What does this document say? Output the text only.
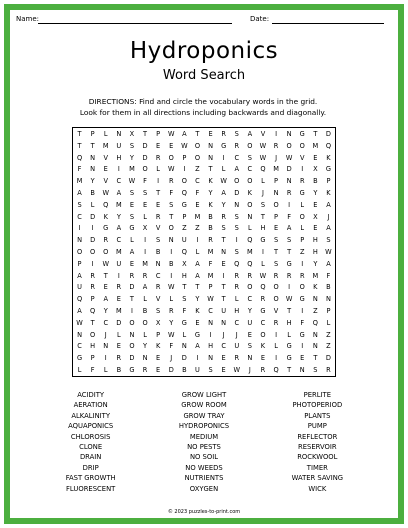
Name:	Date:
Hydroponics
Word Search
DIRECTIONS: Find and circle the vocabulary words in the grid.
Look for them in all directions including backwards and diagonally.
T	P	L	N	X	T	P	W	A	T	E	R	S	A	V	I	N	G	T	D
T	T	M	U	S	D	E	E	W	O	N	G	R	O	W	R	O	O	M	Q
Q	N	V	H	Y	D	R	O	P	O	N	I	C	S	W	J	W	V	E	K
F	N	E	I	M	O	L	W	I	Z	T	L	A	C	Q	M	D	I	X	G
M	Y	V	C	W	F	I	R	O	C	K	W	O	O	L	P	N	R	B	P
A	B	W	A	S	S	T	F	Q	F	Y	A	D	K	J	N	R	G	Y	K
S	L	Q	M	E	E	E	S	G	E	K	Y	N	O	S	O	I	L	E	A
C	D	K	Y	S	L	R	T	P	M	B	R	S	N	T	P	F	O	X	J
I	I	G	A	G	X	V	O	Z	Z	B	S	S	L	H	E	A	L	E	A
N	D	R	C	L	I	S	N	U	I	R	T	I	Q	G	S	S	P	H	S
O	O	O	M	A	I	B	I	Q	L	M	N	S	M	I	T	T	Z	H	W
P	I	W	U	E	M	N	B	X	A	F	E	Q	Q	L	S	G	I	Y	A
A	R	T	I	R	R	C	I	H	A	M	I	R	R	W	R	R	R	M	F
U	R	E	R	D	A	R	W	T	T	P	T	R	O	Q	O	I	O	K	B
Q	P	A	E	T	L	V	L	S	Y	W	T	L	C	R	O	W	G	N	N
A	Q	Y	M	I	B	S	R	F	K	C	U	H	Y	G	V	T	I	Z	P
W	T	C	D	O	O	X	Y	G	E	N	N	C	U	C	R	H	F	Q	L
N	O	J	L	N	L	P	W	L	G	I	J	J	E	O	I	L	G	N	Z
C	H	N	E	O	Y	K	F	N	A	H	C	U	S	K	L	G	I	N	Z
G	P	I	R	D	N	E	J	D	I	N	E	R	N	E	I	G	E	T	D
L	F	L	B	G	R	E	D	B	U	S	E	W	J	R	Q	T	N	S	R
ACIDITY
AERATION
ALKALINITY
AQUAPONICS
CHLOROSIS
CLONE
DRAIN
DRIP
FAST GROWTH
FLUORESCENT
GROW LIGHT
GROW ROOM
GROW TRAY
HYDROPONICS
MEDIUM
NO PESTS
NO SOIL
NO WEEDS
NUTRIENTS
OXYGEN
PERLITE
PHOTOPERIOD
PLANTS
PUMP
REFLECTOR
RESERVOIR
ROCKWOOL
TIMER
WATER SAVING
WICK
© 2023 puzzles-to-print.com
